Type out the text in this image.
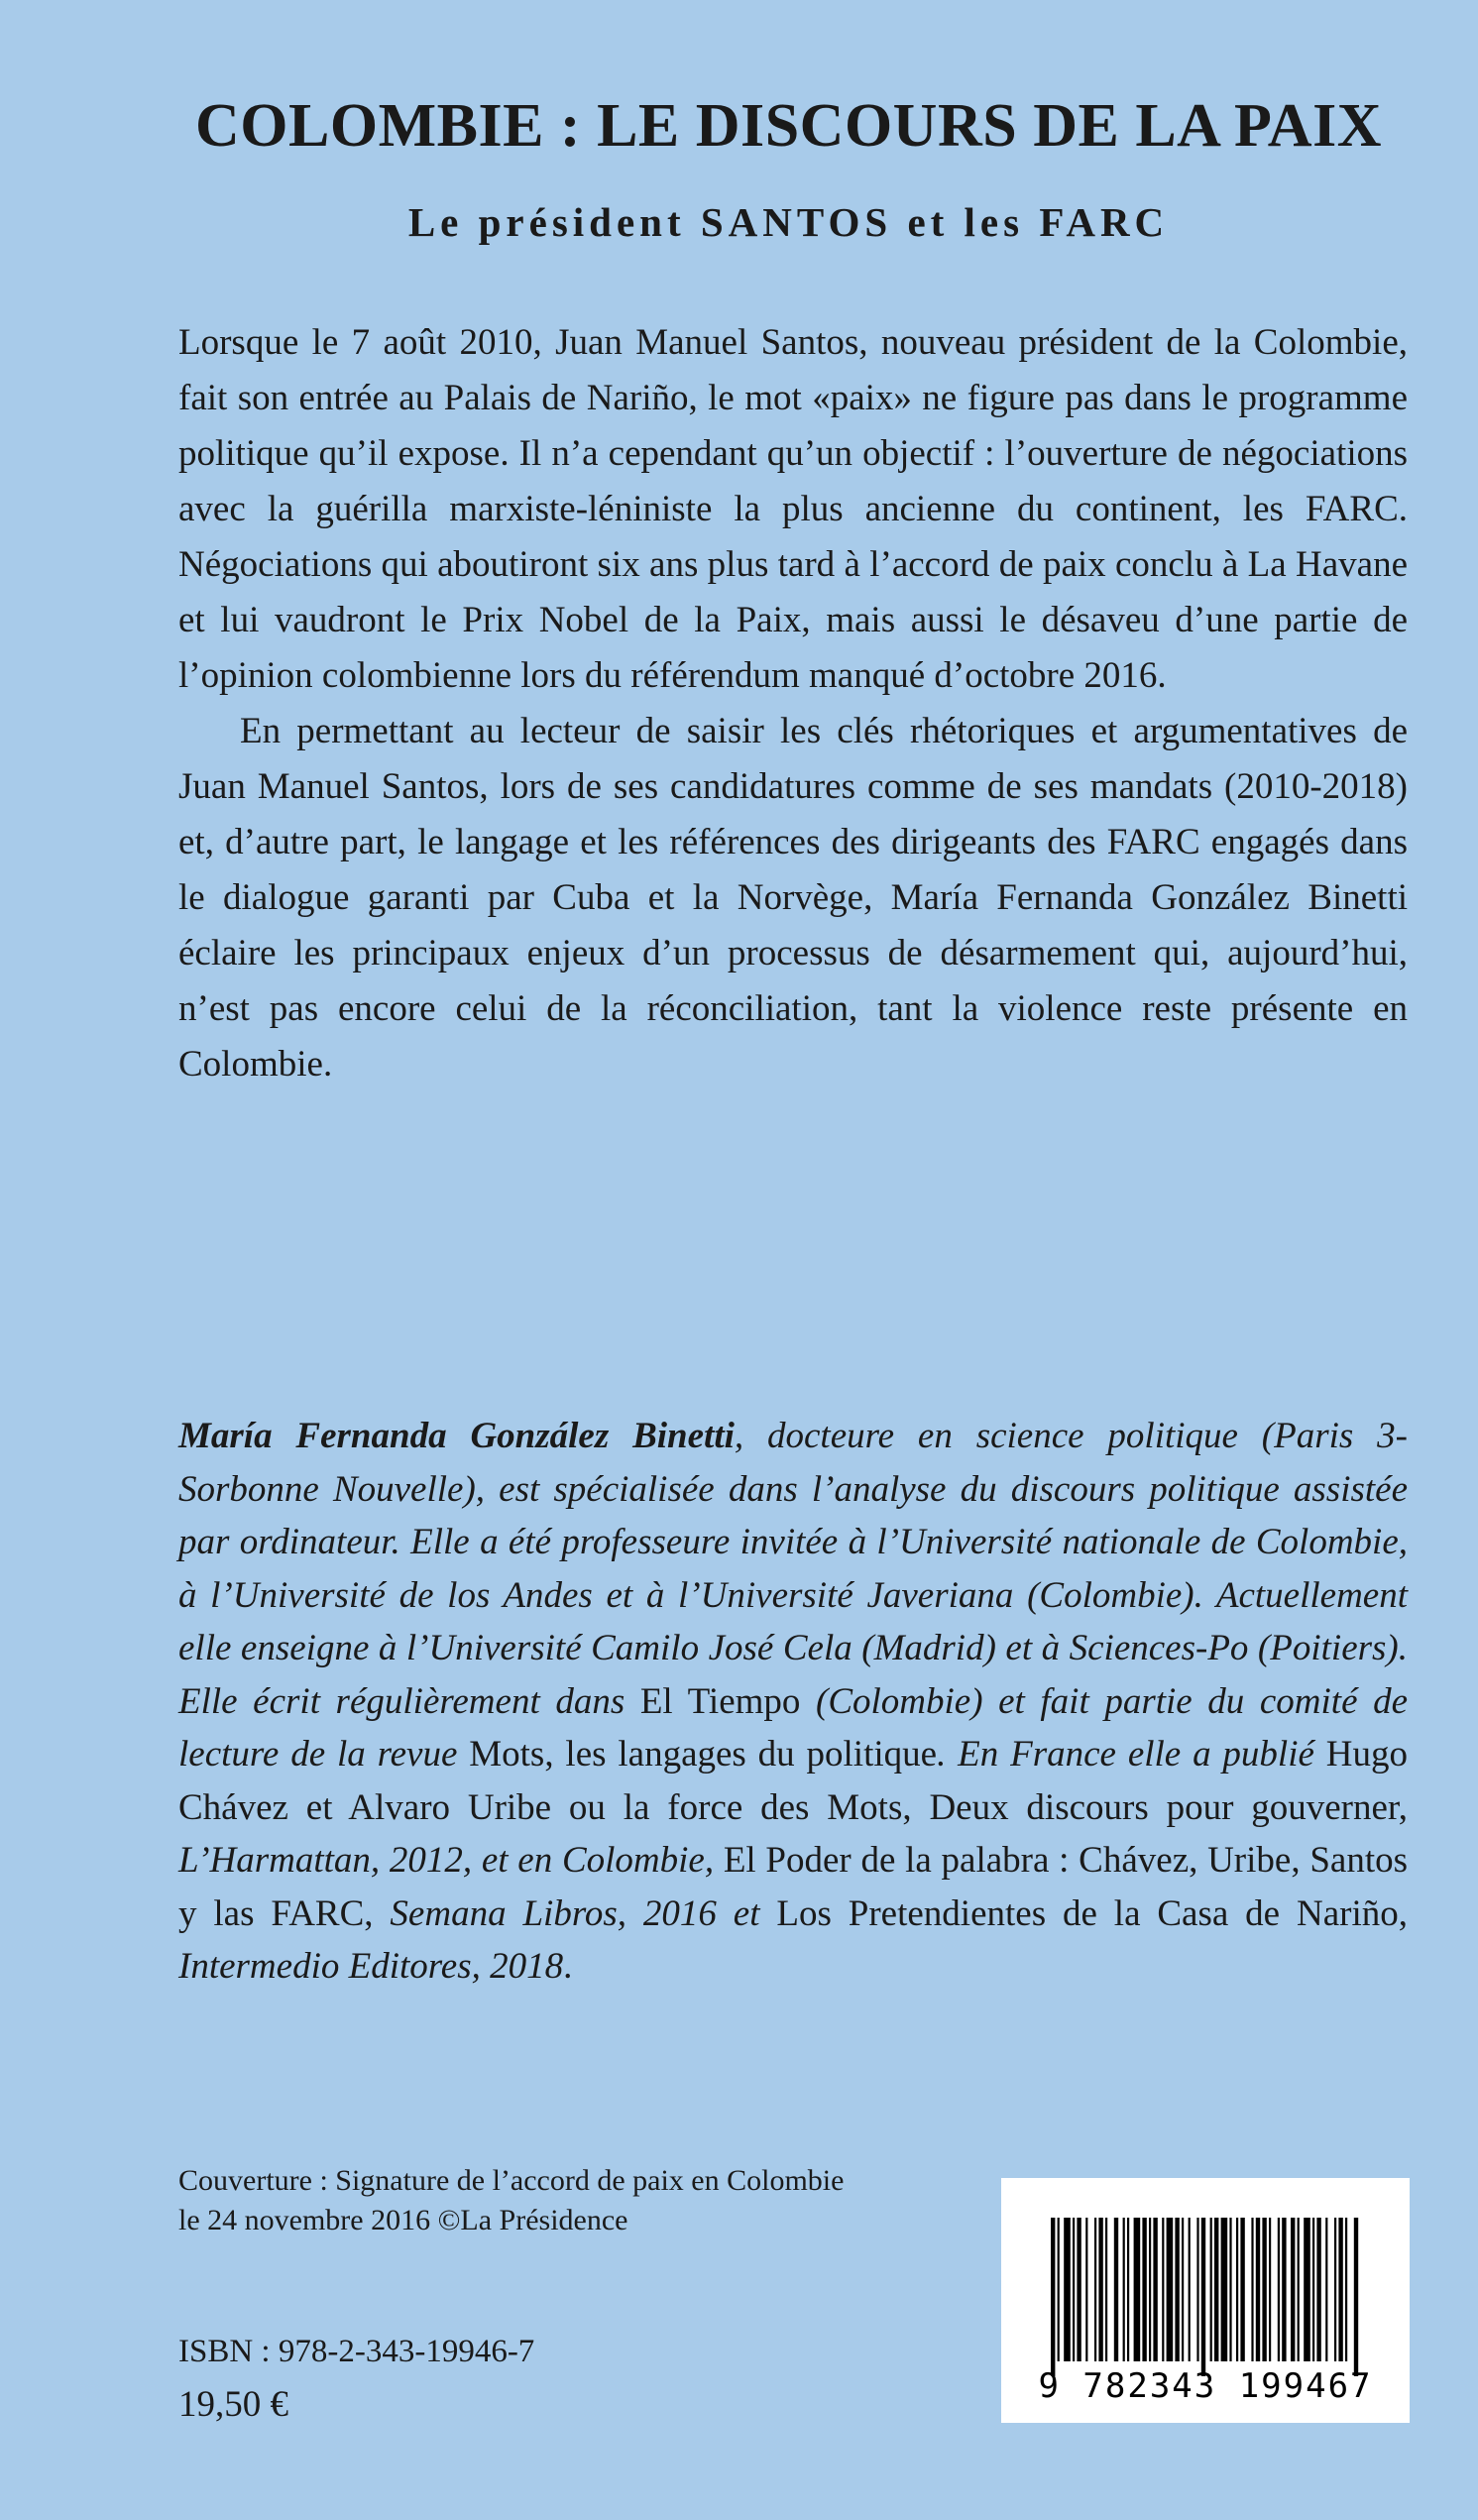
COLOMBIE : LE DISCOURS DE LA PAIX
Le président SANTOS et les FARC

Lorsque le 7 août 2010, Juan Manuel Santos, nouveau président de la Colombie, fait son entrée au Palais de Nariño, le mot «paix» ne figure pas dans le programme politique qu’il expose. Il n’a cependant qu’un objectif : l’ouverture de négociations avec la guérilla marxiste-léniniste la plus ancienne du continent, les FARC. Négociations qui aboutiront six ans plus tard à l’accord de paix conclu à La Havane et lui vaudront le Prix Nobel de la Paix, mais aussi le désaveu d’une partie de l’opinion colombienne lors du référendum manqué d’octobre 2016.

En permettant au lecteur de saisir les clés rhétoriques et argumentatives de Juan Manuel Santos, lors de ses candidatures comme de ses mandats (2010-2018) et, d’autre part, le langage et les références des dirigeants des FARC engagés dans le dialogue garanti par Cuba et la Norvège, María Fernanda González Binetti éclaire les principaux enjeux d’un processus de désarmement qui, aujourd’hui, n’est pas encore celui de la réconciliation, tant la violence reste présente en Colombie.

María Fernanda González Binetti, docteure en science politique (Paris 3-Sorbonne Nouvelle), est spécialisée dans l’analyse du discours politique assistée par ordinateur. Elle a été professeure invitée à l’Université nationale de Colombie, à l’Université de los Andes et à l’Université Javeriana (Colombie). Actuellement elle enseigne à l’Université Camilo José Cela (Madrid) et à Sciences-Po (Poitiers). Elle écrit régulièrement dans El Tiempo (Colombie) et fait partie du comité de lecture de la revue Mots, les langages du politique. En France elle a publié Hugo Chávez et Alvaro Uribe ou la force des Mots, Deux discours pour gouverner, L’Harmattan, 2012, et en Colombie, El Poder de la palabra : Chávez, Uribe, Santos y las FARC, Semana Libros, 2016 et Los Pretendientes de la Casa de Nariño, Intermedio Editores, 2018.
Couverture : Signature de l’accord de paix en Colombie
le 24 novembre 2016 ©La Présidence
ISBN : 978-2-343-19946-7
19,50 €	9 782343 199467
